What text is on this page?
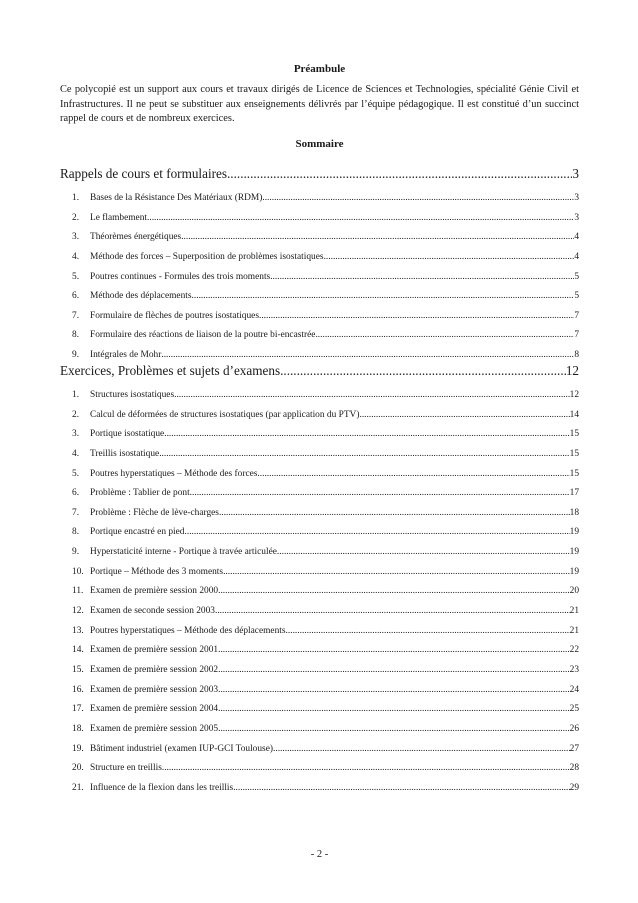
Préambule

Ce polycopié est un support aux cours et travaux dirigés de Licence de Sciences et Technologies, spécialité Génie Civil et Infrastructures. Il ne peut se substituer aux enseignements délivrés par l’équipe pédagogique. Il est constitué d’un succinct rappel de cours et de nombreux exercices.

Sommaire
Rappels de cours et formulaires .....	3
1.	Bases de la Résistance Des Matériaux (RDM) .....	3
2.	Le flambement .....	3
3.	Théorèmes énergétiques .....	4
4.	Méthode des forces – Superposition de problèmes isostatiques .....	4
5.	Poutres continues - Formules des trois moments .....	5
6.	Méthode des déplacements .....	5
7.	Formulaire de flèches de poutres isostatiques .....	7
8.	Formulaire des réactions de liaison de la poutre bi-encastrée .....	7
9.	Intégrales de Mohr .....	8
Exercices, Problèmes et sujets d’examens .....	12
1.	Structures isostatiques .....	12
2.	Calcul de déformées de structures isostatiques (par application du PTV) .....	14
3.	Portique isostatique .....	15
4.	Treillis isostatique .....	15
5.	Poutres hyperstatiques – Méthode des forces .....	15
6.	Problème : Tablier de pont .....	17
7.	Problème : Flèche de lève-charges .....	18
8.	Portique encastré en pied .....	19
9.	Hyperstaticité interne - Portique à travée articulée .....	19
10. Portique – Méthode des 3 moments .....	19
11. Examen de première session 2000 .....	20
12. Examen de seconde session 2003 .....	21
13. Poutres hyperstatiques – Méthode des déplacements .....	21
14. Examen de première session 2001 .....	22
15. Examen de première session 2002 .....	23
16. Examen de première session 2003 .....	24
17. Examen de première session 2004 .....	25
18. Examen de première session 2005 .....	26
19. Bâtiment industriel (examen IUP-GCI Toulouse) .....	27
20. Structure en treillis .....	28
21. Influence de la flexion dans les treillis .....	29
- 2 -
